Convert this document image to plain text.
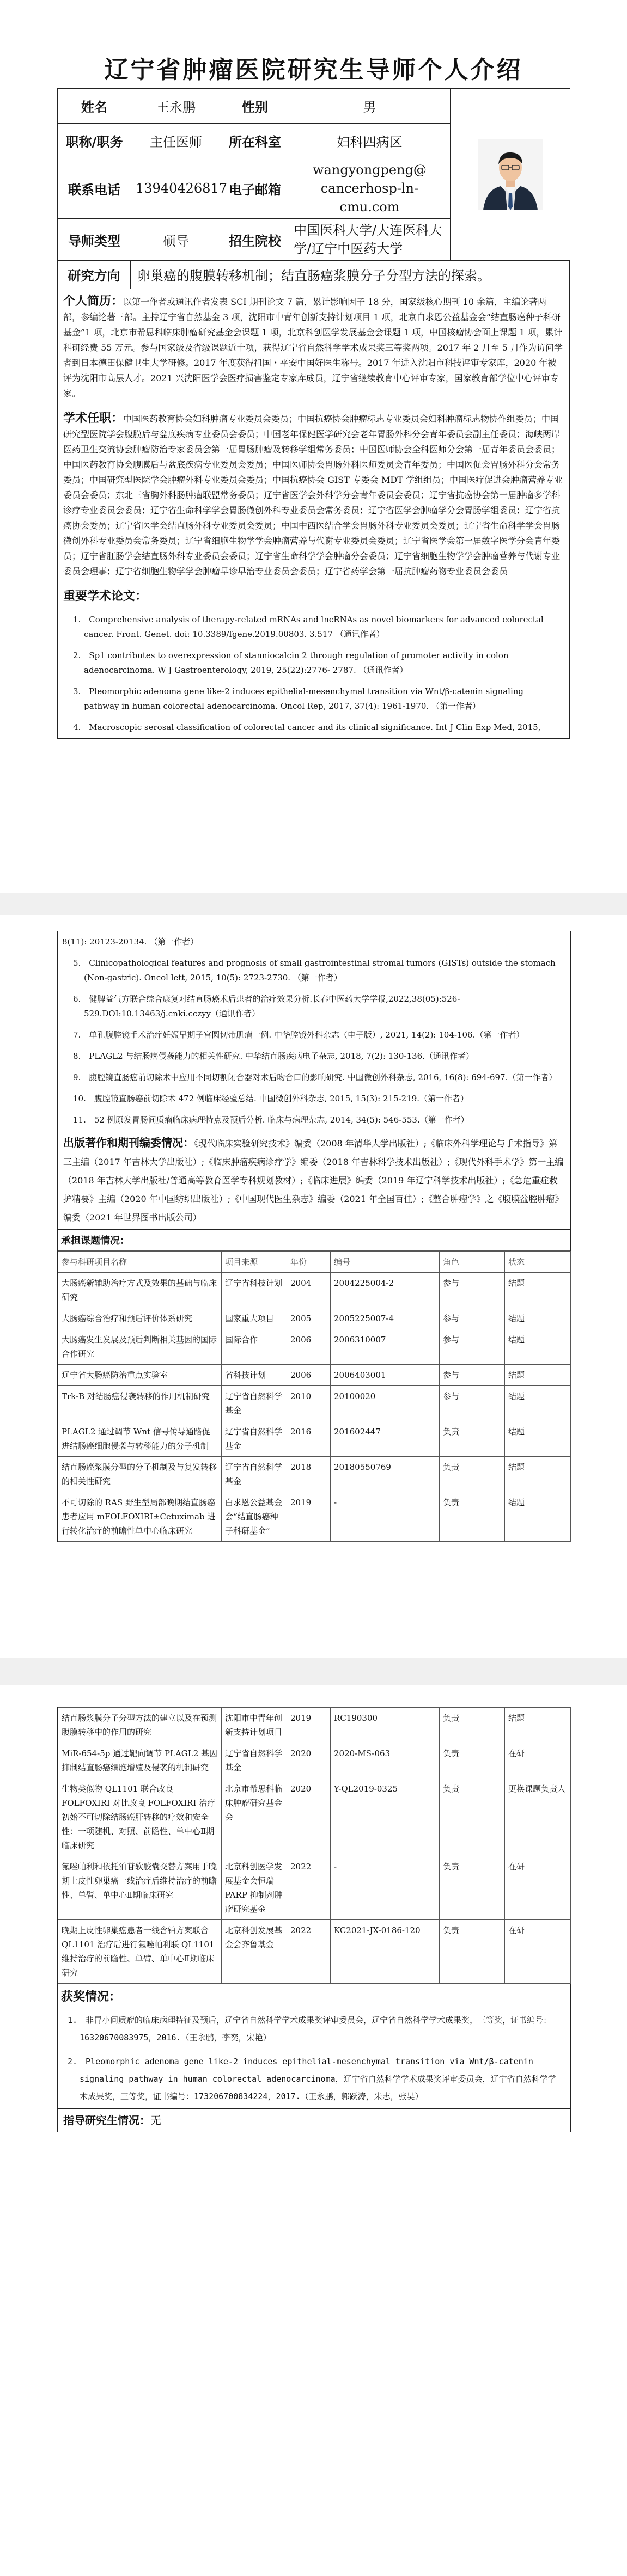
辽宁省肿瘤医院研究生导师个人介绍
姓名	王永鹏	性别	男	

职称/职务	主任医师	所在科室	妇科四病区	
联系电话	13940426817	电子邮箱	wangyongpeng@
cancerhosp-ln-cmu.com	

导师类型	硕导	招生院校	中国医科大学/大连医科大学/辽宁中医药大学	
研究方向	卵巢癌的腹膜转移机制；结直肠癌浆膜分子分型方法的探索。
个人简历：以第一作者或通讯作者发表 SCI 期刊论文 7 篇，累计影响因子 18 分，国家级核心期刊 10 余篇，主编论著两部，参编论著三部。主持辽宁省自然基金 3 项，沈阳市中青年创新支持计划项目 1 项，北京白求恩公益基金会“结直肠癌种子科研基金”1 项，北京市希思科临床肿瘤研究基金会课题 1 项，北京科创医学发展基金会课题 1 项，中国核瘤协会面上课题 1 项，累计科研经费 55 万元。参与国家级及省级课题近十项，获得辽宁省自然科学学术成果奖三等奖两项。2017 年 2 月至 5 月作为访问学者到日本德田保健卫生大学研修。2017 年度获得祖国・平安中国好医生称号。2017 年进入沈阳市科技评审专家库，2020 年被评为沈阳市高层人才。2021 兴沈阳医学会医疗损害鉴定专家库成员，辽宁省继续教育中心评审专家，国家教育部学位中心评审专家。
学术任职：中国医药教育协会妇科肿瘤专业委员会委员；中国抗癌协会肿瘤标志专业委员会妇科肿瘤标志物协作组委员；中国研究型医院学会腹膜后与盆底疾病专业委员会委员；中国老年保健医学研究会老年胃肠外科分会青年委员会副主任委员；海峡两岸医药卫生交流协会肿瘤防治专家委员会第一届胃肠肿瘤及转移学组常务委员；中国医师协会全科医师分会第一届青年委员会委员；中国医药教育协会腹膜后与盆底疾病专业委员会委员；中国医师协会胃肠外科医师委员会青年委员；中国医促会胃肠外科分会常务委员；中国研究型医院学会肿瘤外科专业委员会委员；中国抗癌协会 GIST 专委会 MDT 学组组员；中国医疗促进会肿瘤营养专业委员会委员；东北三省胸外科肠肿瘤联盟常务委员；辽宁省医学会外科学分会青年委员会委员；辽宁省抗癌协会第一届肿瘤多学科诊疗专业委员会委员；辽宁省生命科学学会胃肠微创外科专业委员会常务委员；辽宁省医学会肿瘤学分会胃肠学组委员；辽宁省抗癌协会委员；辽宁省医学会结直肠外科专业委员会委员；中国中西医结合学会胃肠外科专业委员会委员；辽宁省生命科学学会胃肠微创外科专业委员会常务委员；辽宁省细胞生物学学会肿瘤营养与代谢专业委员会委员；辽宁省医学会第一届数字医学分会青年委员；辽宁省肛肠学会结直肠外科专业委员会委员；辽宁省生命科学学会肿瘤分会委员；辽宁省细胞生物学学会肿瘤营养与代谢专业委员会理事；辽宁省细胞生物学学会肿瘤早诊早治专业委员会委员；辽宁省药学会第一届抗肿瘤药物专业委员会委员
重要学术论文：
1.　Comprehensive analysis of therapy-related mRNAs and lncRNAs as novel biomarkers for advanced colorectal cancer. Front. Genet. doi: 10.3389/fgene.2019.00803. 3.517 （通讯作者）
2.　Sp1 contributes to overexpression of stanniocalcin 2 through regulation of promoter activity in colon adenocarcinoma. W J Gastroenterology, 2019, 25(22):2776- 2787. （通讯作者）
3.　Pleomorphic adenoma gene like-2 induces epithelial-mesenchymal transition via Wnt/β-catenin signaling pathway in human colorectal adenocarcinoma. Oncol Rep, 2017, 37(4): 1961-1970. （第一作者）
4.　Macroscopic serosal classification of colorectal cancer and its clinical significance. Int J Clin Exp Med, 2015,
8(11): 20123-20134. （第一作者）
5.　Clinicopathological features and prognosis of small gastrointestinal stromal tumors (GISTs) outside the stomach (Non-gastric). Oncol lett, 2015, 10(5): 2723-2730. （第一作者）
6.　健脾益气方联合综合康复对结直肠癌术后患者的治疗效果分析.长春中医药大学学报,2022,38(05):526-529.DOI:10.13463/j.cnki.cczyy（通讯作者）
7.　单孔腹腔镜手术治疗妊娠早期子宫圆韧带肌瘤一例. 中华腔镜外科杂志（电子版）, 2021, 14(2): 104-106.（第一作者）
8.　PLAGL2 与结肠癌侵袭能力的相关性研究. 中华结直肠疾病电子杂志, 2018, 7(2): 130-136.（通讯作者）
9.　腹腔镜直肠癌前切除术中应用不同切割闭合器对术后吻合口的影响研究. 中国微创外科杂志, 2016, 16(8): 694-697.（第一作者）
10.　腹腔镜直肠癌前切除术 472 例临床经验总结. 中国微创外科杂志, 2015, 15(3): 215-219.（第一作者）
11.　52 例原发胃肠间质瘤临床病理特点及预后分析. 临床与病理杂志, 2014, 34(5): 546-553.（第一作者）
出版著作和期刊编委情况：《现代临床实验研究技术》编委（2008 年清华大学出版社）;《临床外科学理论与手术指导》第三主编（2017 年吉林大学出版社）;《临床肿瘤疾病诊疗学》编委（2018 年吉林科学技术出版社）;《现代外科手术学》第一主编（2018 年吉林大学出版社/普通高等教育医学专科规划教材）;《临床进展》编委（2019 年辽宁科学技术出版社）;《急危重症救护精要》主编（2020 年中国纺织出版社）;《中国现代医生杂志》编委（2021 年全国百佳）;《整合肿瘤学》之《腹膜盆腔肿瘤》编委（2021 年世界图书出版公司）
承担课题情况：
参与科研项目名称	项目来源	年份	编号	角色	状态
大肠癌新辅助治疗方式及效果的基础与临床研究	辽宁省科技计划	2004	2004225004-2	参与	结题
大肠癌综合治疗和预后评价体系研究	国家重大项目	2005	2005225007-4	参与	结题
大肠癌发生发展及预后判断相关基因的国际合作研究	国际合作	2006	2006310007	参与	结题
辽宁省大肠癌防治重点实验室	省科技计划	2006	2006403001	参与	结题
Trk-B 对结肠癌侵袭转移的作用机制研究	辽宁省自然科学基金	2010	20100020	参与	结题
PLAGL2 通过调节 Wnt 信号传导通路促进结肠癌细胞侵袭与转移能力的分子机制	辽宁省自然科学基金	2016	201602447	负责	结题
结直肠癌浆膜分型的分子机制及与复发转移的相关性研究	辽宁省自然科学基金	2018	20180550769	负责	结题
不可切除的 RAS 野生型局部晚期结直肠癌患者应用 mFOLFOXIRI±Cetuximab 进行转化治疗的前瞻性单中心临床研究	白求恩公益基金会“结直肠癌种子科研基金”	2019	-	负责	结题
结直肠浆膜分子分型方法的建立以及在预测腹膜转移中的作用的研究	沈阳市中青年创新支持计划项目	2019	RC190300	负责	结题
MiR-654-5p 通过靶向调节 PLAGL2 基因抑制结直肠癌细胞增殖及侵袭的机制研究	辽宁省自然科学基金	2020	2020-MS-063	负责	在研
生物类似物 QL1101 联合改良 FOLFOXIRI 对比改良 FOLFOXIRI 治疗初始不可切除结肠癌肝转移的疗效和安全性：一项随机、对照、前瞻性、单中心Ⅱ期临床研究	北京市希思科临床肿瘤研究基金会	2020	Y-QL2019-0325	负责	更换课题负责人
氟唑帕利和依托泊苷软胶囊交替方案用于晚期上皮性卵巢癌一线治疗后维持治疗的前瞻性、单臂、单中心Ⅱ期临床研究	北京科创医学发展基金会恒瑞 PARP 抑制剂肿瘤研究基金	2022	-	负责	在研
晚期上皮性卵巢癌患者一线含铂方案联合 QL1101 治疗后进行氟唑帕利联 QL1101 维持治疗的前瞻性、单臂、单中心Ⅱ期临床研究	北京科创发展基金会齐鲁基金	2022	KC2021-JX-0186-120	负责	在研
获奖情况：
1.　非胃小间质瘤的临床病理特征及预后，辽宁省自然科学学术成果奖评审委员会，辽宁省自然科学学术成果奖，三等奖，证书编号：16320670083975，2016.（王永鹏，李奕，宋艳）
2.　Pleomorphic adenoma gene like-2 induces epithelial-mesenchymal transition via Wnt/β-catenin signaling pathway in human colorectal adenocarcinoma，辽宁省自然科学学术成果奖评审委员会，辽宁省自然科学学术成果奖，三等奖，证书编号：173206700834224，2017.（王永鹏，郭跃涛，朱志，张昊）
指导研究生情况：无
